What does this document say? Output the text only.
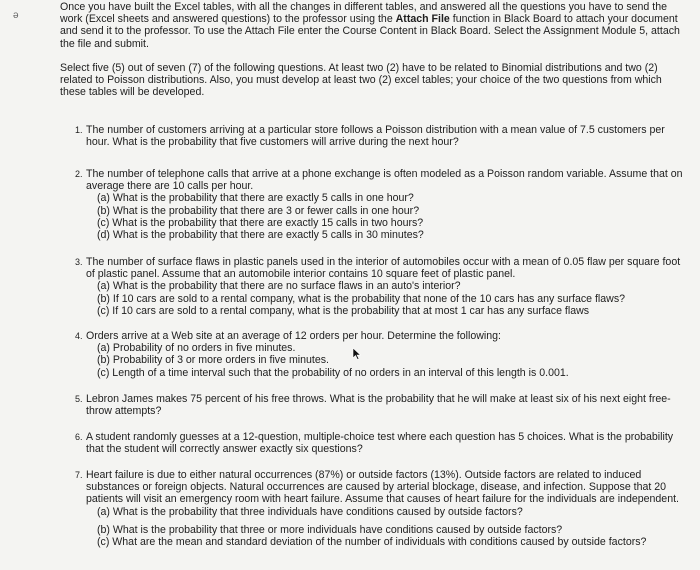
ə

Once you have built the Excel tables, with all the changes in different tables, and answered all the questions you have to send the work (Excel sheets and answered questions) to the professor using the Attach File function in Black Board to attach your document and send it to the professor. To use the Attach File enter the Course Content in Black Board. Select the Assignment Module 5, attach the file and submit.

Select five (5) out of seven (7) of the following questions. At least two (2) have to be related to Binomial distributions and two (2) related to Poisson distributions. Also, you must develop at least two (2) excel tables; your choice of the two questions from which these tables will be developed.

1. The number of customers arriving at a particular store follows a Poisson distribution with a mean value of 7.5 customers per hour. What is the probability that five customers will arrive during the next hour?
2. The number of telephone calls that arrive at a phone exchange is often modeled as a Poisson random variable. Assume that on average there are 10 calls per hour.
(a) What is the probability that there are exactly 5 calls in one hour?
(b) What is the probability that there are 3 or fewer calls in one hour?
(c) What is the probability that there are exactly 15 calls in two hours?
(d) What is the probability that there are exactly 5 calls in 30 minutes?
3. The number of surface flaws in plastic panels used in the interior of automobiles occur with a mean of 0.05 flaw per square foot of plastic panel. Assume that an automobile interior contains 10 square feet of plastic panel.
(a) What is the probability that there are no surface flaws in an auto's interior?
(b) If 10 cars are sold to a rental company, what is the probability that none of the 10 cars has any surface flaws?
(c) If 10 cars are sold to a rental company, what is the probability that at most 1 car has any surface flaws
4. Orders arrive at a Web site at an average of 12 orders per hour. Determine the following:
(a) Probability of no orders in five minutes.
(b) Probability of 3 or more orders in five minutes.
(c) Length of a time interval such that the probability of no orders in an interval of this length is 0.001.
5. Lebron James makes 75 percent of his free throws. What is the probability that he will make at least six of his next eight free-throw attempts?
6. A student randomly guesses at a 12-question, multiple-choice test where each question has 5 choices. What is the probability that the student will correctly answer exactly six questions?
7. Heart failure is due to either natural occurrences (87%) or outside factors (13%). Outside factors are related to induced substances or foreign objects. Natural occurrences are caused by arterial blockage, disease, and infection. Suppose that 20 patients will visit an emergency room with heart failure. Assume that causes of heart failure for the individuals are independent.
(a) What is the probability that three individuals have conditions caused by outside factors?
(b) What is the probability that three or more individuals have conditions caused by outside factors?
(c) What are the mean and standard deviation of the number of individuals with conditions caused by outside factors?
